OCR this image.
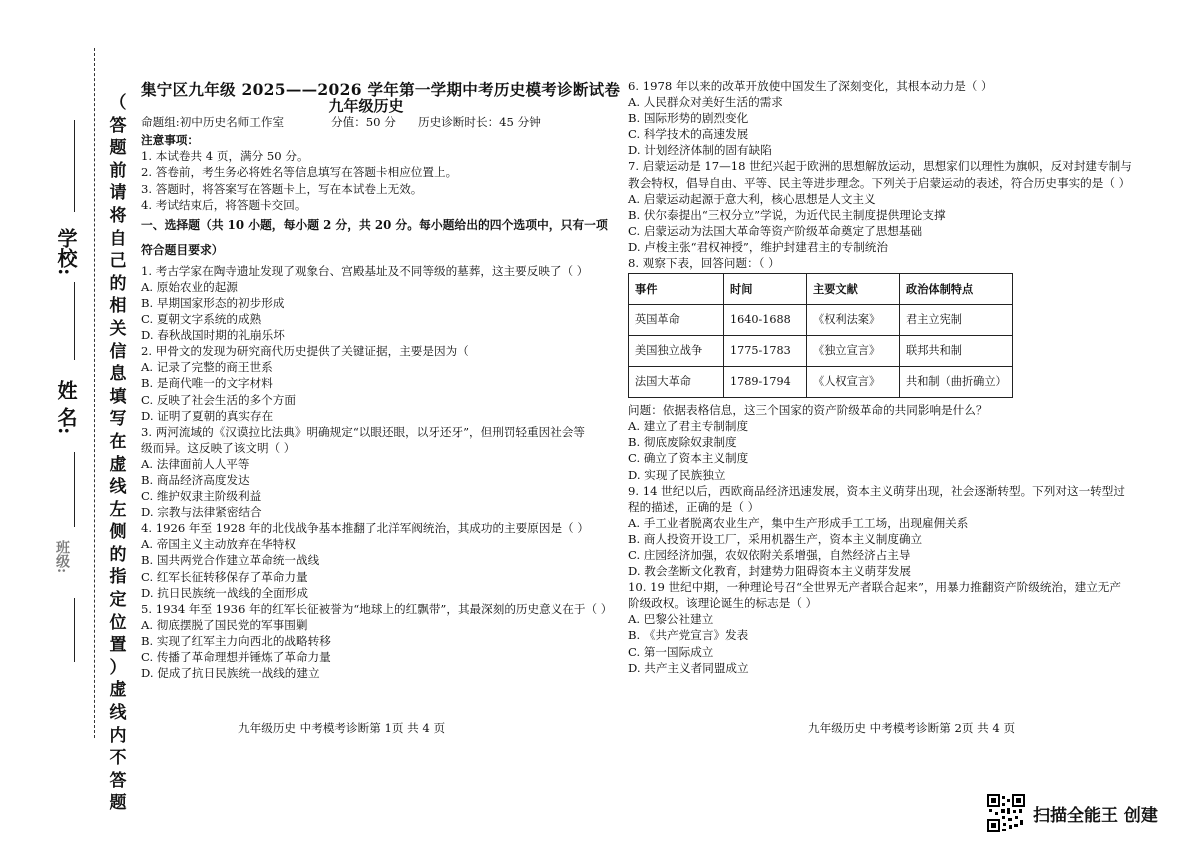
（
答
题
前
请
将
自
己
的
相
关
信
息
填
写
在
虚
线
左
侧
的
指
定
位
置
）
虚
线
内
不
答
题
学校:
姓 名:
班级:

集宁区九年级 2025——2026 学年第一学期中考历史模考诊断试卷

九年级历史

命题组:初中历史名师工作室	分值：50 分	历史诊断时长：45 分钟

注意事项：

1. 本试卷共 4 页，满分 50 分。

2. 答卷前，考生务必将姓名等信息填写在答题卡相应位置上。

3. 答题时，将答案写在答题卡上，写在本试卷上无效。

4. 考试结束后，将答题卡交回。

一、选择题（共 10 小题，每小题 2 分，共 20 分。每小题给出的四个选项中，只有一项

符合题目要求）

1. 考古学家在陶寺遗址发现了观象台、宫殿基址及不同等级的墓葬，这主要反映了（ ）

A. 原始农业的起源

B. 早期国家形态的初步形成

C. 夏朝文字系统的成熟

D. 春秋战国时期的礼崩乐坏

2. 甲骨文的发现为研究商代历史提供了关键证据，主要是因为（

A. 记录了完整的商王世系

B. 是商代唯一的文字材料

C. 反映了社会生活的多个方面

D. 证明了夏朝的真实存在

3. 两河流域的《汉谟拉比法典》明确规定“以眼还眼，以牙还牙”，但刑罚轻重因社会等

级而异。这反映了该文明（ ）

A. 法律面前人人平等

B. 商品经济高度发达

C. 维护奴隶主阶级利益

D. 宗教与法律紧密结合

4. 1926 年至 1928 年的北伐战争基本推翻了北洋军阀统治，其成功的主要原因是（ ）

A. 帝国主义主动放弃在华特权

B. 国共两党合作建立革命统一战线

C. 红军长征转移保存了革命力量

D. 抗日民族统一战线的全面形成

5. 1934 年至 1936 年的红军长征被誉为“地球上的红飘带”，其最深刻的历史意义在于（ ）

A. 彻底摆脱了国民党的军事围剿

B. 实现了红军主力向西北的战略转移

C. 传播了革命理想并锤炼了革命力量

D. 促成了抗日民族统一战线的建立

九年级历史 中考模考诊断第 1页 共 4 页

6. 1978 年以来的改革开放使中国发生了深刻变化，其根本动力是（ ）

A. 人民群众对美好生活的需求

B. 国际形势的剧烈变化

C. 科学技术的高速发展

D. 计划经济体制的固有缺陷

7. 启蒙运动是 17—18 世纪兴起于欧洲的思想解放运动，思想家们以理性为旗帜，反对封建专制与

教会特权，倡导自由、平等、民主等进步理念。下列关于启蒙运动的表述，符合历史事实的是（ ）

A. 启蒙运动起源于意大利，核心思想是人文主义

B. 伏尔泰提出“三权分立”学说，为近代民主制度提供理论支撑

C. 启蒙运动为法国大革命等资产阶级革命奠定了思想基础

D. 卢梭主张“君权神授”，维护封建君主的专制统治

8. 观察下表，回答问题：（ ）

事件	时间	主要文献	政治体制特点
英国革命	1640-1688	《权利法案》	君主立宪制
美国独立战争	1775-1783	《独立宣言》	联邦共和制
法国大革命	1789-1794	《人权宣言》	共和制（曲折确立）

问题：依据表格信息，这三个国家的资产阶级革命的共同影响是什么？

A. 建立了君主专制制度

B. 彻底废除奴隶制度

C. 确立了资本主义制度

D. 实现了民族独立

9. 14 世纪以后，西欧商品经济迅速发展，资本主义萌芽出现，社会逐渐转型。下列对这一转型过

程的描述，正确的是（ ）

A. 手工业者脱离农业生产，集中生产形成手工工场，出现雇佣关系

B. 商人投资开设工厂，采用机器生产，资本主义制度确立

C. 庄园经济加强，农奴依附关系增强，自然经济占主导

D. 教会垄断文化教育，封建势力阻碍资本主义萌芽发展

10. 19 世纪中期，一种理论号召“全世界无产者联合起来”，用暴力推翻资产阶级统治，建立无产

阶级政权。该理论诞生的标志是（ ）

A. 巴黎公社建立

B. 《共产党宣言》发表

C. 第一国际成立

D. 共产主义者同盟成立

九年级历史 中考模考诊断第 2页 共 4 页
扫描全能王 创建
